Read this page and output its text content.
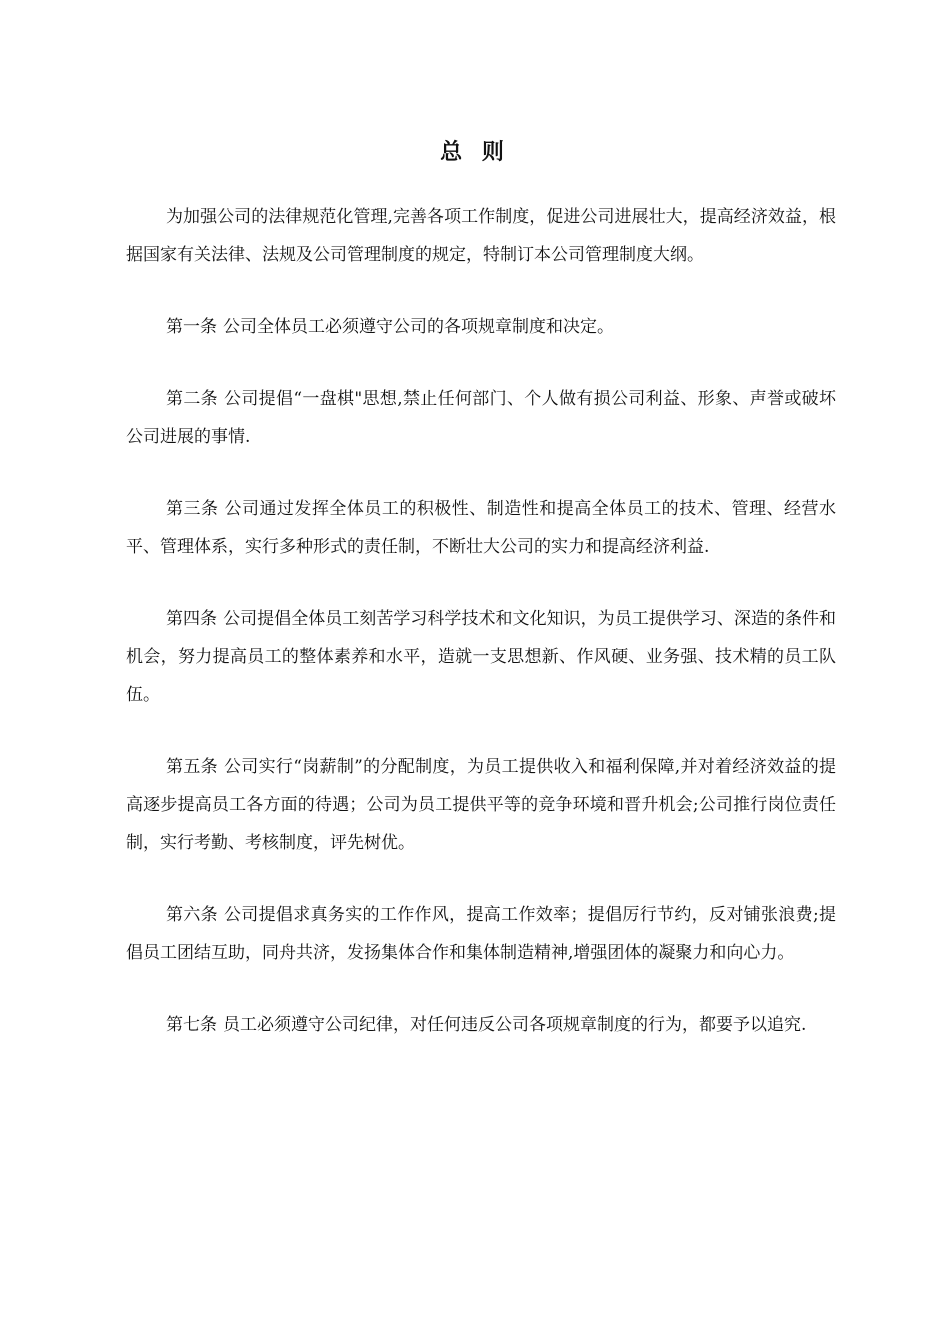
总 则

为加强公司的法律规范化管理,完善各项工作制度，促进公司进展壮大，提高经济效益，根据国家有关法律、法规及公司管理制度的规定，特制订本公司管理制度大纲。

第一条 公司全体员工必须遵守公司的各项规章制度和决定。

第二条 公司提倡“一盘棋"思想,禁止任何部门、个人做有损公司利益、形象、声誉或破坏公司进展的事情.

第三条 公司通过发挥全体员工的积极性、制造性和提高全体员工的技术、管理、经营水平、管理体系，实行多种形式的责任制，不断壮大公司的实力和提高经济利益.

第四条 公司提倡全体员工刻苦学习科学技术和文化知识，为员工提供学习、深造的条件和机会，努力提高员工的整体素养和水平，造就一支思想新、作风硬、业务强、技术精的员工队伍。

第五条 公司实行“岗薪制”的分配制度，为员工提供收入和福利保障,并对着经济效益的提高逐步提高员工各方面的待遇；公司为员工提供平等的竞争环境和晋升机会;公司推行岗位责任制，实行考勤、考核制度，评先树优。

第六条 公司提倡求真务实的工作作风，提高工作效率；提倡厉行节约，反对铺张浪费;提倡员工团结互助，同舟共济，发扬集体合作和集体制造精神,增强团体的凝聚力和向心力。

第七条 员工必须遵守公司纪律，对任何违反公司各项规章制度的行为，都要予以追究.
